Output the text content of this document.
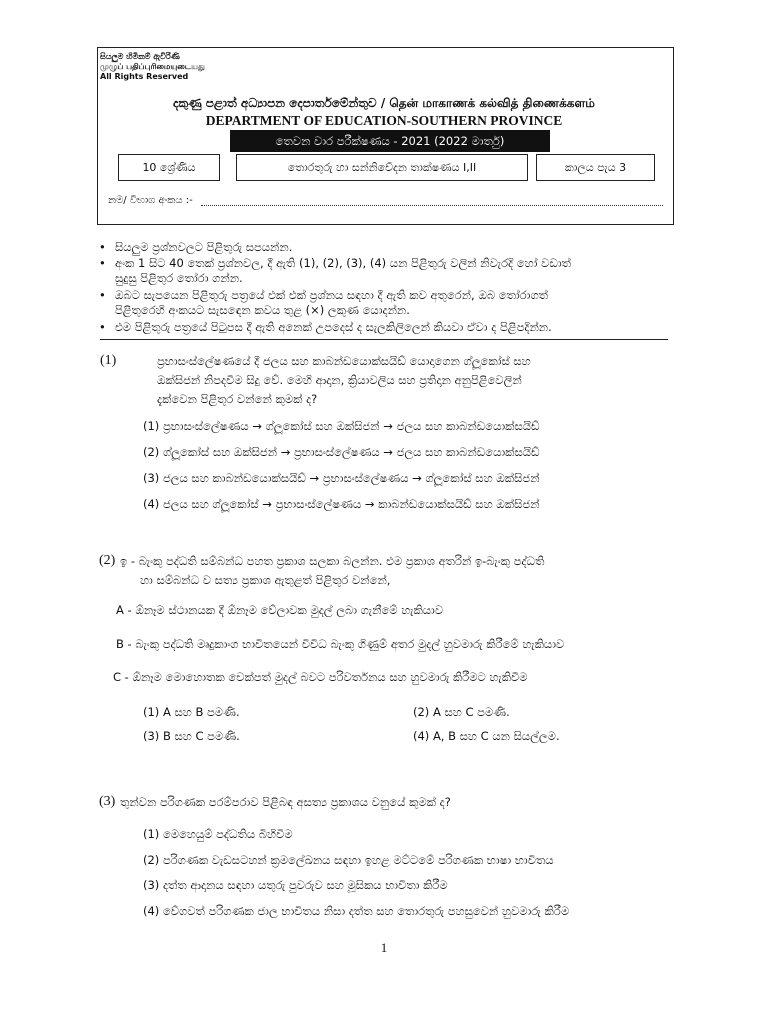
සියලුම හිමිකම් ඇවිරිණි
முழுப் பதிப்புரிமையுடையது
All Rights Reserved
දකුණු පළාත් අධ්‍යාපන දෙපාර්තමේන්තුව / தென் மாகாணக் கல்வித் திணைக்களம்
DEPARTMENT OF EDUCATION-SOUTHERN PROVINCE
තෙවන වාර පරීක්ෂණය - 2021 (2022 මාර්තු)
10 ශ්‍රේණිය	තොරතුරු හා සන්නිවේදන තාක්ෂණය I,II	කාලය පැය 3
නම/ විභාග අංකය :-
• සියලුම ප්‍රශ්නවලට පිළිතුරු සපයන්න.
• අංක 1 සිට 40 තෙක් ප්‍රශ්නවල, දී ඇති (1), (2), (3), (4) යන පිළිතුරු වලින් නිවැරදි හෝ වඩාත්
සුදුසු පිළිතුර තෝරා ගන්න.
• ඔබට සැපයෙන පිළිතුරු පත්‍රයේ එක් එක් ප්‍රශ්නය සඳහා දී ඇති කව අතුරෙන්, ඔබ තෝරාගත්
පිළිතුරෙහි අංකයට සැසඳෙන කවය තුළ (×) ලකුණ යොදන්න.
• එම පිළිතුරු පත්‍රයේ පිටුපස දී ඇති අනෙක් උපදෙස් ද සැලකිලිලෙන් කියවා ඒවා ද පිළිපදින්න.
(1)	ප්‍රභාසංස්ලේෂණයේ දී ජලය සහ කාබන්ඩයොක්සයිඩ් යොදාගෙන ග්ලූකෝස් සහ
ඔක්සිජන් නිපදවීම සිදු වේ. මෙහි ආදාන, ක්‍රියාවලිය සහ ප්‍රතිදාන අනුපිළිවෙලින්
දැක්වෙන පිළිතුර වන්නේ කුමක් ද?
(1) ප්‍රභාසංස්ලේෂණය → ග්ලූකෝස් සහ ඔක්සිජන් → ජලය සහ කාබන්ඩයොක්සයිඩ්
(2) ග්ලූකෝස් සහ ඔක්සිජන් → ප්‍රභාසංස්ලේෂණය → ජලය සහ කාබන්ඩයොක්සයිඩ්
(3) ජලය සහ කාබන්ඩයොක්සයිඩ් → ප්‍රභාසංස්ලේෂණය → ග්ලූකෝස් සහ ඔක්සිජන්
(4) ජලය සහ ග්ලූකෝස් → ප්‍රභාසංස්ලේෂණය → කාබන්ඩයොක්සයිඩ් සහ ඔක්සිජන්
(2) ඉ - බැංකු පද්ධති සම්බන්ධ පහත ප්‍රකාශ සලකා බලන්න. එම ප්‍රකාශ අතරින් ඉ-බැංකු පද්ධති
හා සම්බන්ධ ව සත්‍ය ප්‍රකාශ ඇතුළත් පිළිතුර වන්නේ,
A - ඕනෑම ස්ථානයක දී ඕනෑම වේලාවක මුදල් ලබා ගැනීමේ හැකියාව
B - බැංකු පද්ධති මෘදුකාංග භාවිතයෙන් විවිධ බැංකු ගිණුම් අතර මුදල් හුවමාරු කිරීමේ හැකියාව
C - ඕනෑම මොහොතක චෙක්පත් මුදල් බවට පරිවර්තනය සහ හුවමාරු කිරීමට හැකිවීම
(1) A සහ B පමණි.	(2) A සහ C පමණි.
(3) B සහ C පමණි.	(4) A, B සහ C යන සියල්ලම.
(3) තුන්වන පරිගණක පරම්පරාව පිළිබඳ අසත්‍ය ප්‍රකාශය වනුයේ කුමක් ද?
(1) මෙහෙයුම් පද්ධතිය බිහිවීම
(2) පරිගණක වැඩසටහන් ක්‍රමලේඛනය සඳහා ඉහළ මට්ටමේ පරිගණක භාෂා භාවිතය
(3) දත්ත ආදානය සඳහා යතුරු පුවරුව සහ මූසිකය භාවිතා කිරීම
(4) වේගවත් පරිගණක ජාල භාවිතය නිසා දත්ත සහ තොරතුරු පහසුවෙන් හුවමාරු කිරීම
1
